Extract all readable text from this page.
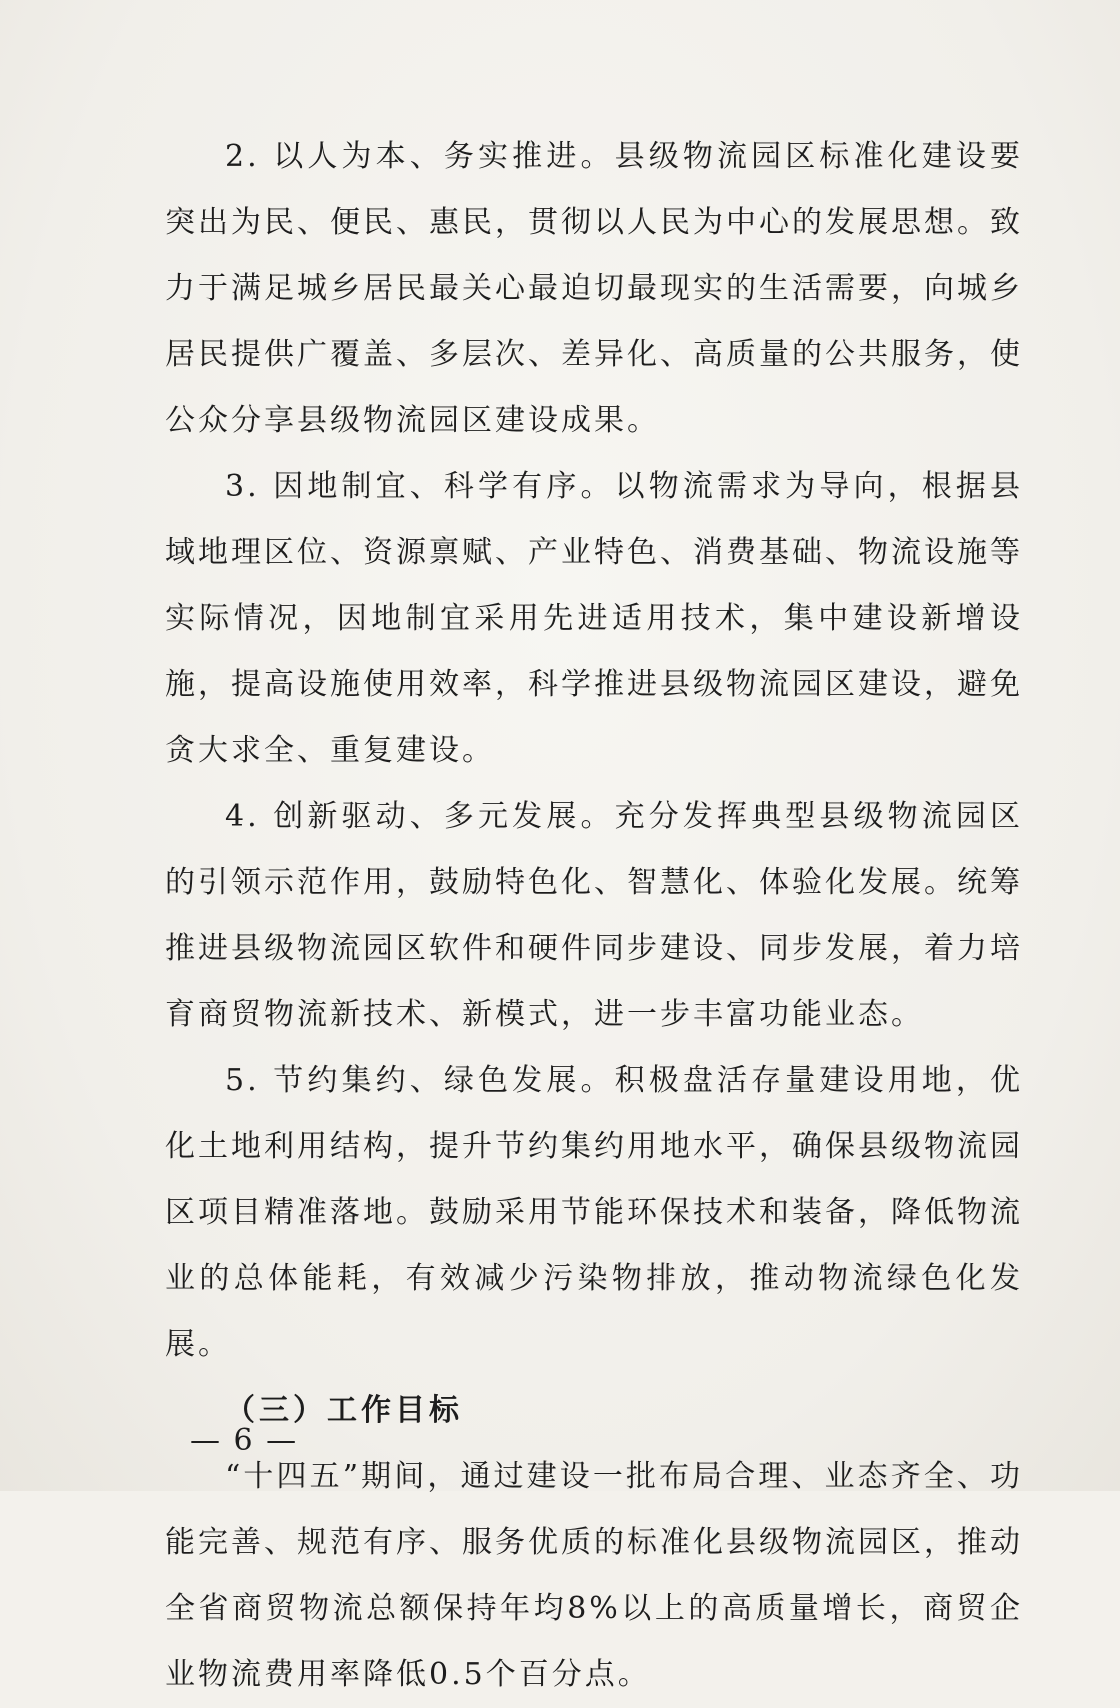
2. 以人为本、务实推进。县级物流园区标准化建设要突出为民、便民、惠民，贯彻以人民为中心的发展思想。致力于满足城乡居民最关心最迫切最现实的生活需要，向城乡居民提供广覆盖、多层次、差异化、高质量的公共服务，使公众分享县级物流园区建设成果。

3. 因地制宜、科学有序。以物流需求为导向，根据县域地理区位、资源禀赋、产业特色、消费基础、物流设施等实际情况，因地制宜采用先进适用技术，集中建设新增设施，提高设施使用效率，科学推进县级物流园区建设，避免贪大求全、重复建设。

4. 创新驱动、多元发展。充分发挥典型县级物流园区的引领示范作用，鼓励特色化、智慧化、体验化发展。统筹推进县级物流园区软件和硬件同步建设、同步发展，着力培育商贸物流新技术、新模式，进一步丰富功能业态。

5. 节约集约、绿色发展。积极盘活存量建设用地，优化土地利用结构，提升节约集约用地水平，确保县级物流园区项目精准落地。鼓励采用节能环保技术和装备，降低物流业的总体能耗，有效减少污染物排放，推动物流绿色化发展。

（三）工作目标

“十四五”期间，通过建设一批布局合理、业态齐全、功能完善、规范有序、服务优质的标准化县级物流园区，推动全省商贸物流总额保持年均8%以上的高质量增长，商贸企业物流费用率降低0.5个百分点。

— 6 —
